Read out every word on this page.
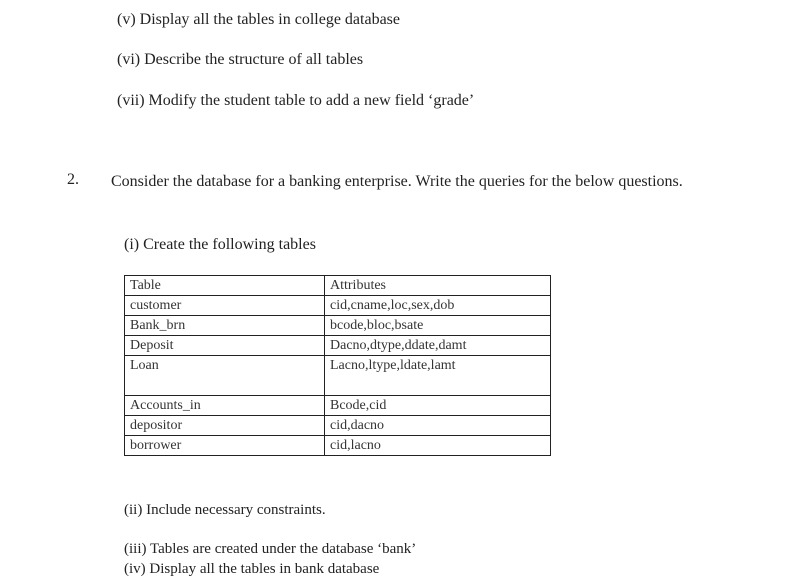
(v) Display all the tables in college database
(vi) Describe the structure of all tables
(vii) Modify the student table to add a new field ‘grade’
2.	Consider the database for a banking enterprise. Write the queries for the below questions.
(i) Create the following tables
Table	Attributes
customer	cid,cname,loc,sex,dob
Bank_brn	bcode,bloc,bsate
Deposit	Dacno,dtype,ddate,damt
Loan	Lacno,ltype,ldate,lamt
Accounts_in	Bcode,cid
depositor	cid,dacno
borrower	cid,lacno
(ii) Include necessary constraints.
(iii) Tables are created under the database ‘bank’
(iv) Display all the tables in bank database
